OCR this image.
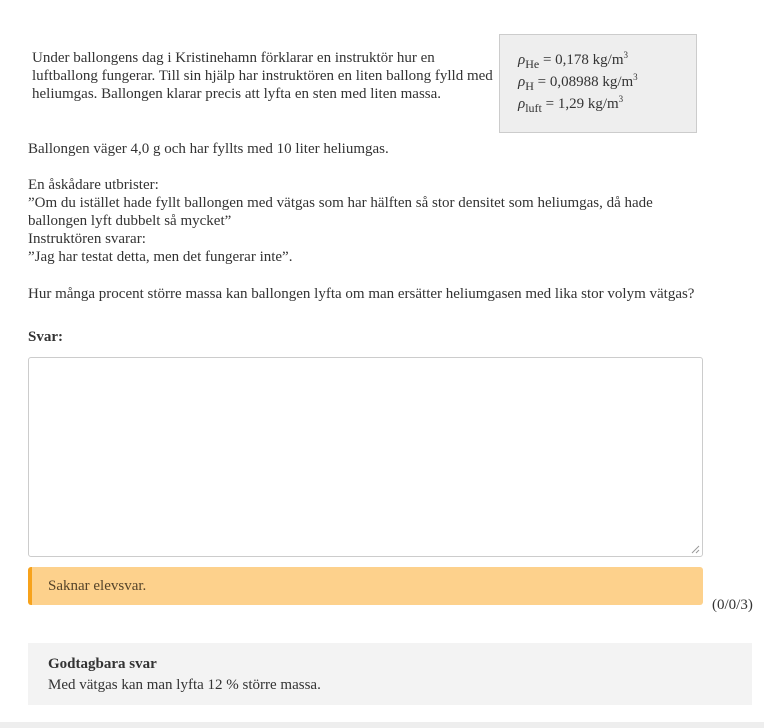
Under ballongens dag i Kristinehamn förklarar en instruktör hur en luftballong fungerar. Till sin hjälp har instruktören en liten ballong fylld med heliumgas. Ballongen klarar precis att lyfta en sten med liten massa.
$\rho_{He} = 0,178$ $kg/m^3$
$\rho_H = 0,08988$ $kg/m^3$
$\rho_{luft} = 1,29$ $kg/m^3$
Ballongen väger 4,0 g och har fyllts med 10 liter heliumgas.
En åskådare utbrister:
”Om du istället hade fyllt ballongen med vätgas som har hälften så stor densitet som heliumgas, då hade ballongen lyft dubbelt så mycket”
Instruktören svarar:
”Jag har testat detta, men det fungerar inte”.
Hur många procent större massa kan ballongen lyfta om man ersätter heliumgasen med lika stor volym vätgas?
Svar:
Saknar elevsvar.
(0/0/3)
Godtagbara svar
Med vätgas kan man lyfta 12 % större massa.
